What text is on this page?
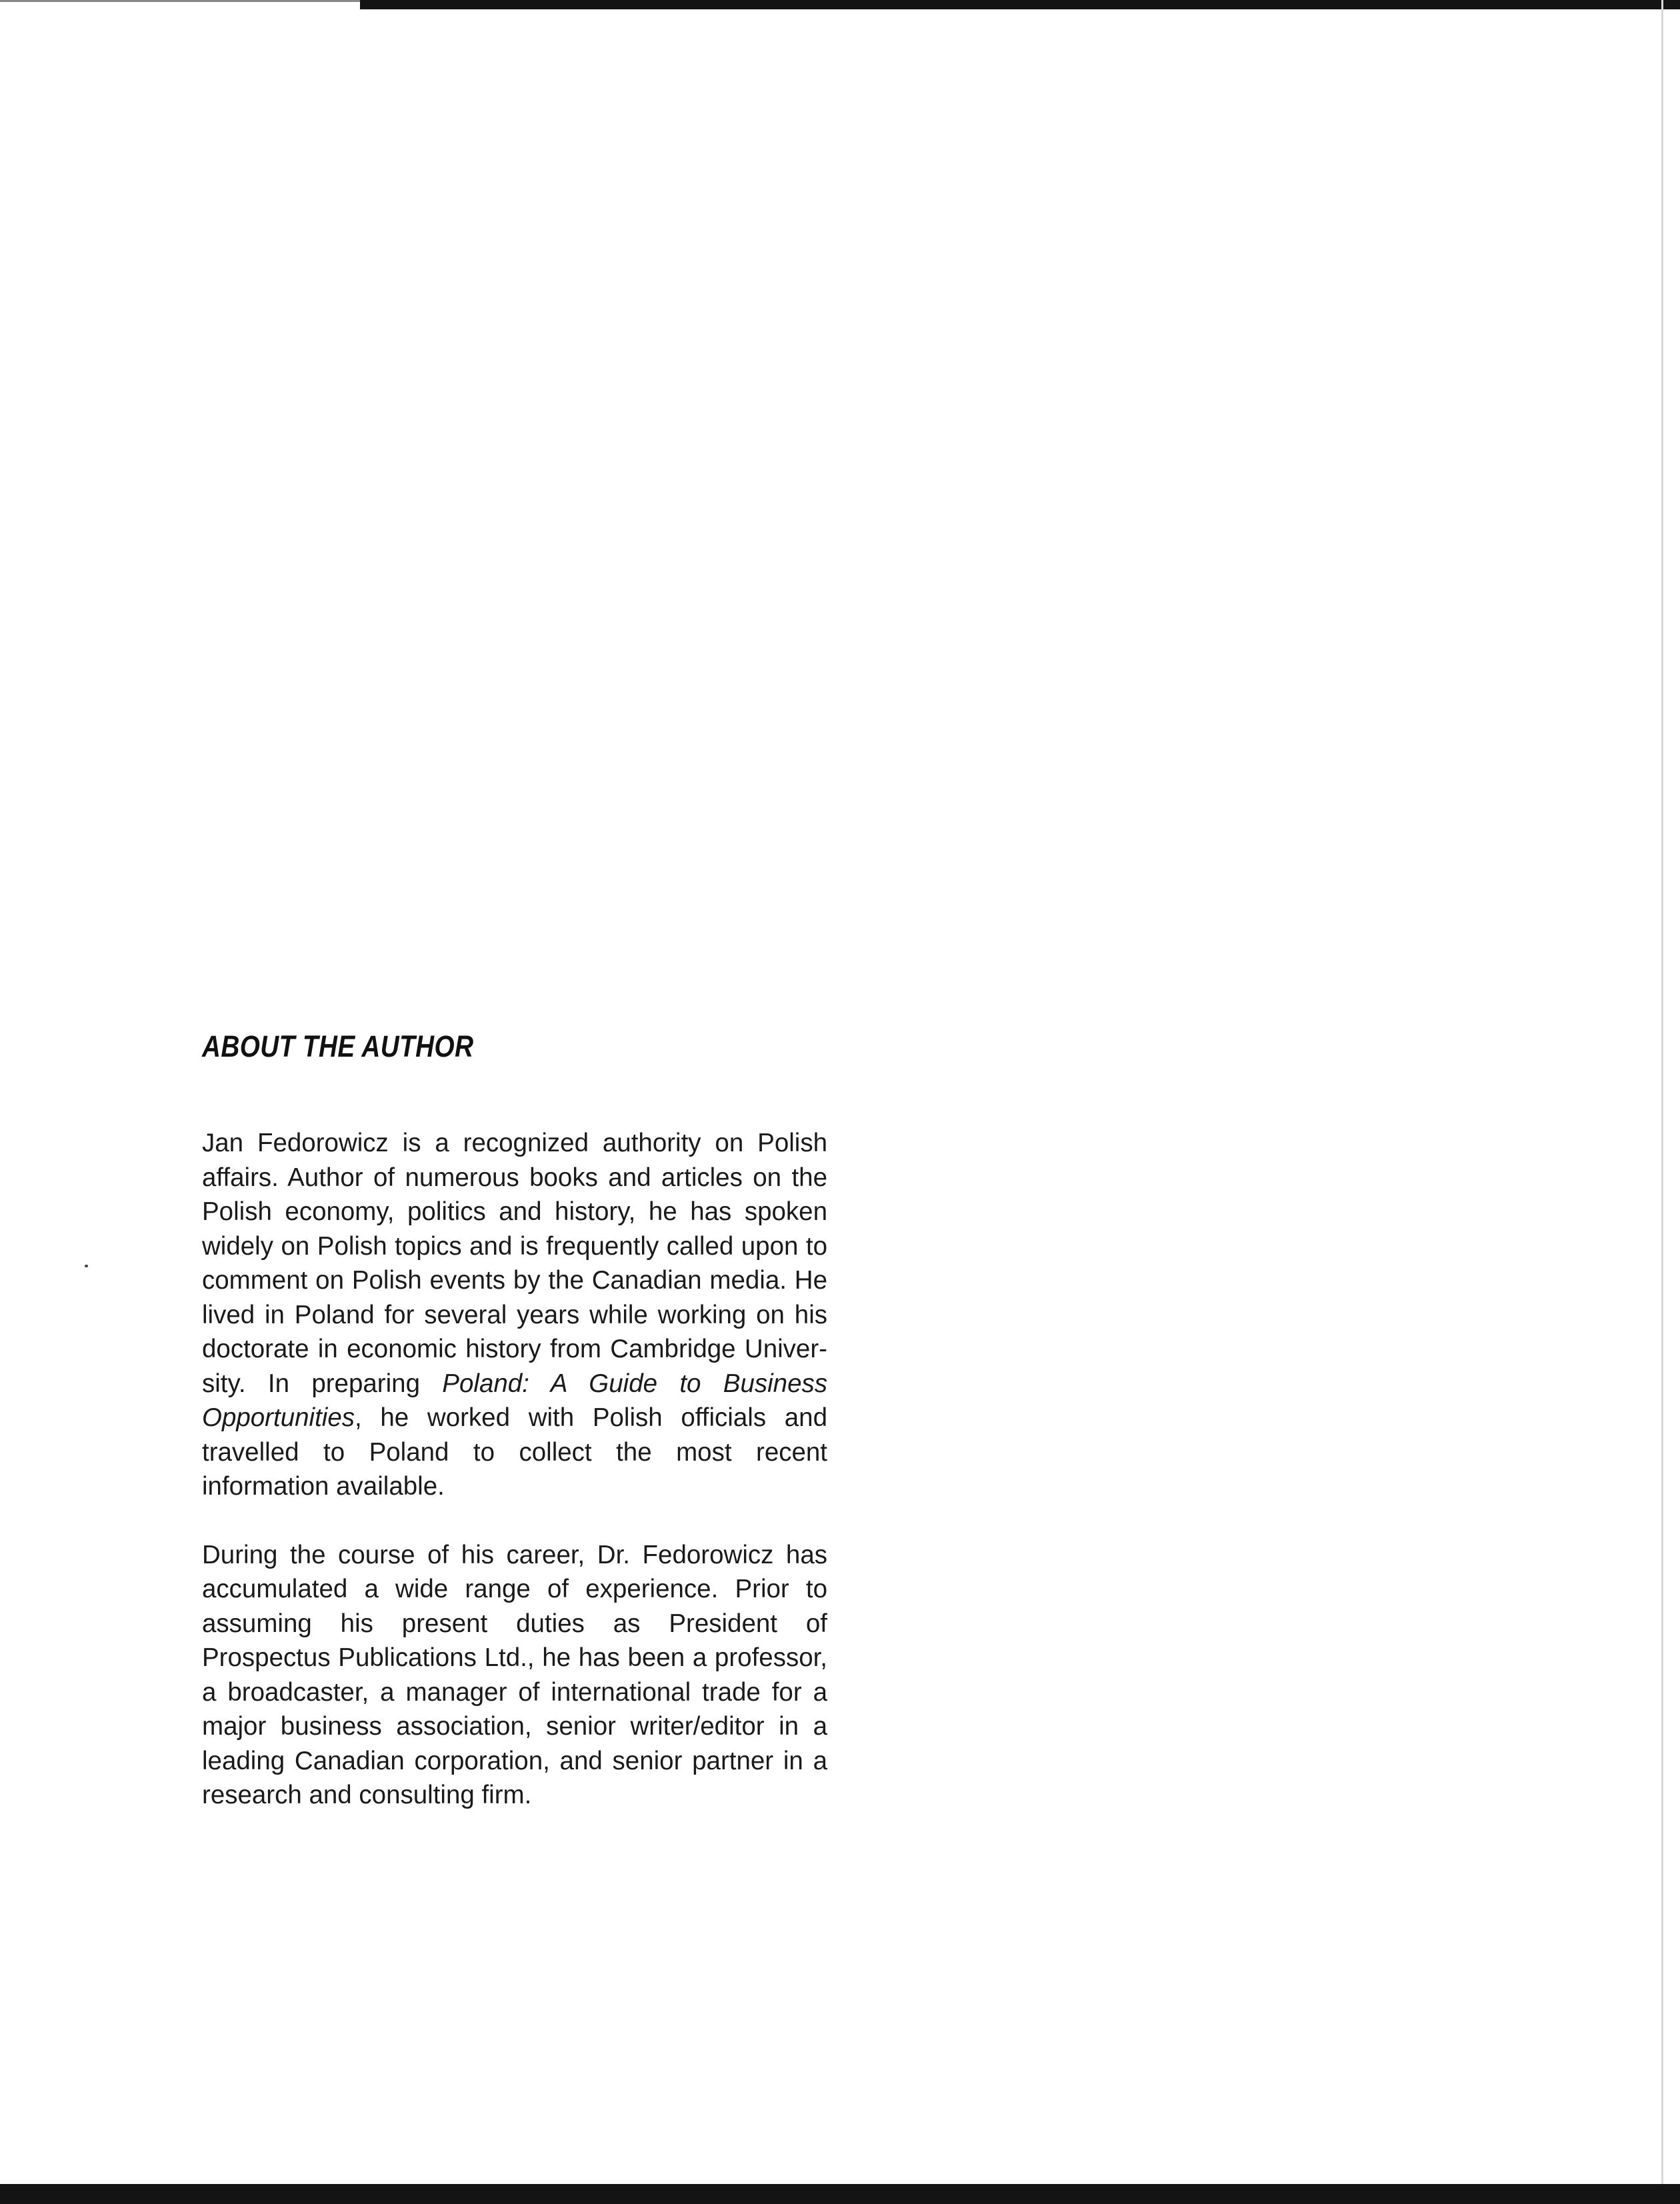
ABOUT THE AUTHOR

Jan Fedorowicz is a recognized authority on Polish affairs. Author of numerous books and articles on the Polish economy, politics and history, he has spoken widely on Polish topics and is frequently called upon to comment on Polish events by the Canadian media. He lived in Poland for several years while working on his doctorate in economic history from Cambridge University. In preparing Poland: A Guide to Business Opportunities, he worked with Polish officials and travelled to Poland to collect the most recent information available.

During the course of his career, Dr. Fedorowicz has accumulated a wide range of experience. Prior to assuming his present duties as President of Prospectus Publications Ltd., he has been a professor, a broadcaster, a manager of international trade for a major business association, senior writer/editor in a leading Canadian corporation, and senior partner in a research and consulting firm.
